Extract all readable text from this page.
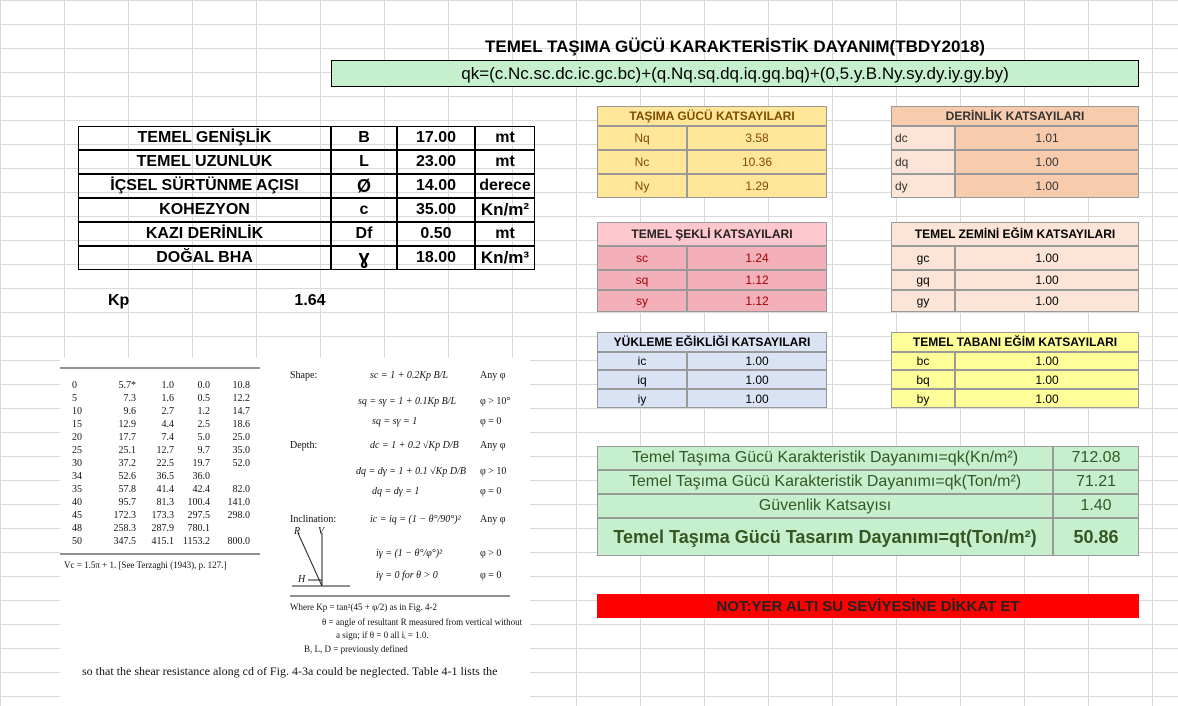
TEMEL TAŞIMA GÜCÜ KARAKTERİSTİK DAYANIM(TBDY2018)
qk=(c.Nc.sc.dc.ic.gc.bc)+(q.Nq.sq.dq.iq.gq.bq)+(0,5.y.B.Ny.sy.dy.iy.gy.by)
TEMEL GENİŞLİK	B	17.00	mt
TEMEL UZUNLUK	L	23.00	mt
İÇSEL SÜRTÜNME AÇISI	Ø	14.00	derece
KOHEZYON	c	35.00	Kn/m²
KAZI DERİNLİK	Df	0.50	mt
DOĞAL BHA	ɣ	18.00	Kn/m³
Kp	1.64
TAŞIMA GÜCÜ KATSAYILARI
Nq	3.58
Nc	10.36
Ny	1.29
DERİNLİK KATSAYILARI
dc	1.01
dq	1.00
dy	1.00
TEMEL ŞEKLİ KATSAYILARI
sc	1.24
sq	1.12
sy	1.12
TEMEL ZEMİNİ EĞİM KATSAYILARI
gc	1.00
gq	1.00
gy	1.00
YÜKLEME EĞİKLİĞİ KATSAYILARI
ic	1.00
iq	1.00
iy	1.00
TEMEL TABANI EĞİM KATSAYILARI
bc	1.00
bq	1.00
by	1.00
Temel Taşıma Gücü Karakteristik Dayanımı=qk(Kn/m²)	712.08
Temel Taşıma Gücü Karakteristik Dayanımı=qk(Ton/m²)	71.21
Güvenlik Katsayısı	1.40
Temel Taşıma Gücü Tasarım Dayanımı=qt(Ton/m²)	50.86
NOT:YER ALTI SU SEVİYESİNE DİKKAT ET
0	5.7*	1.0 0.0 10.8
5	7.3	1.6 0.5 12.2
10	9.6	2.7 1.2 14.7
15	12.9	4.4 2.5 18.6
20	17.7	7.4 5.0 25.0
25	25.1 12.7 9.7 35.0
30	37.2 22.5 19.7 52.0
34	52.6 36.5 36.0
35	57.8 41.4 42.4 82.0
40	95.7 81.3 100.4 141.0
45	172.3 173.3 297.5 298.0
48	258.3 287.9 780.1
50	347.5 415.1 1153.2 800.0
Vc = 1.5π + 1. [See Terzaghi (1943), p. 127.]
Shape:	sc = 1 + 0.2Kp B/L	Any φ
sq = sγ = 1 + 0.1Kp B/L φ > 10°
sq = sγ = 1	φ = 0
Depth:	dc = 1 + 0.2 √Kp D/B Any φ
dq = dγ = 1 + 0.1 √Kp D/B φ > 10
dq = dγ = 1	φ = 0
Inclination:	ic = iq = (1 − θ°/90°)² Any φ
iγ = (1 − θ°/φ°)²	φ > 0
iγ = 0 for θ > 0	φ = 0
R V
H
Where Kp = tan²(45 + φ/2) as in Fig. 4-2
θ = angle of resultant R measured from vertical without
a sign; if θ = 0 all iᵢ = 1.0.
B, L, D = previously defined
so that the shear resistance along cd of Fig. 4-3a could be neglected. Table 4-1 lists the
